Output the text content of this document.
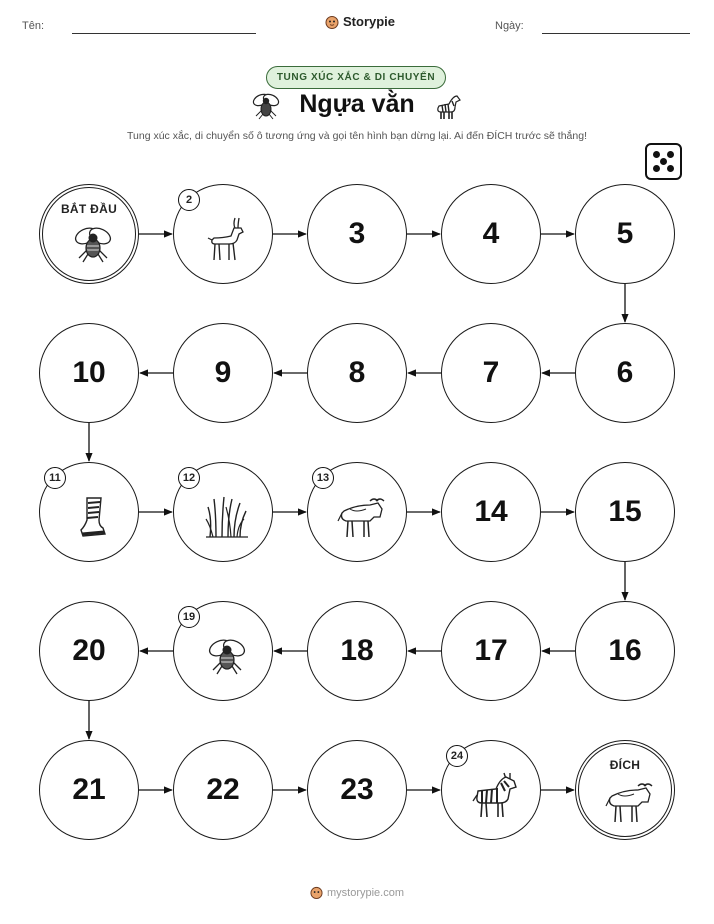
Tên:	Storypie	Ngày:
TUNG XÚC XẮC & DI CHUYỂN
Ngựa vằn
Tung xúc xắc, di chuyển số ô tương ứng và gọi tên hình bạn dừng lại. Ai đến ĐÍCH trước sẽ thắng!
BẮT ĐẦU
2
3	4	5
6
7
8
9
10
11	12	13
14	15
16
17
18
19
20
21	22	23
24
ĐÍCH
mystorypie.com
